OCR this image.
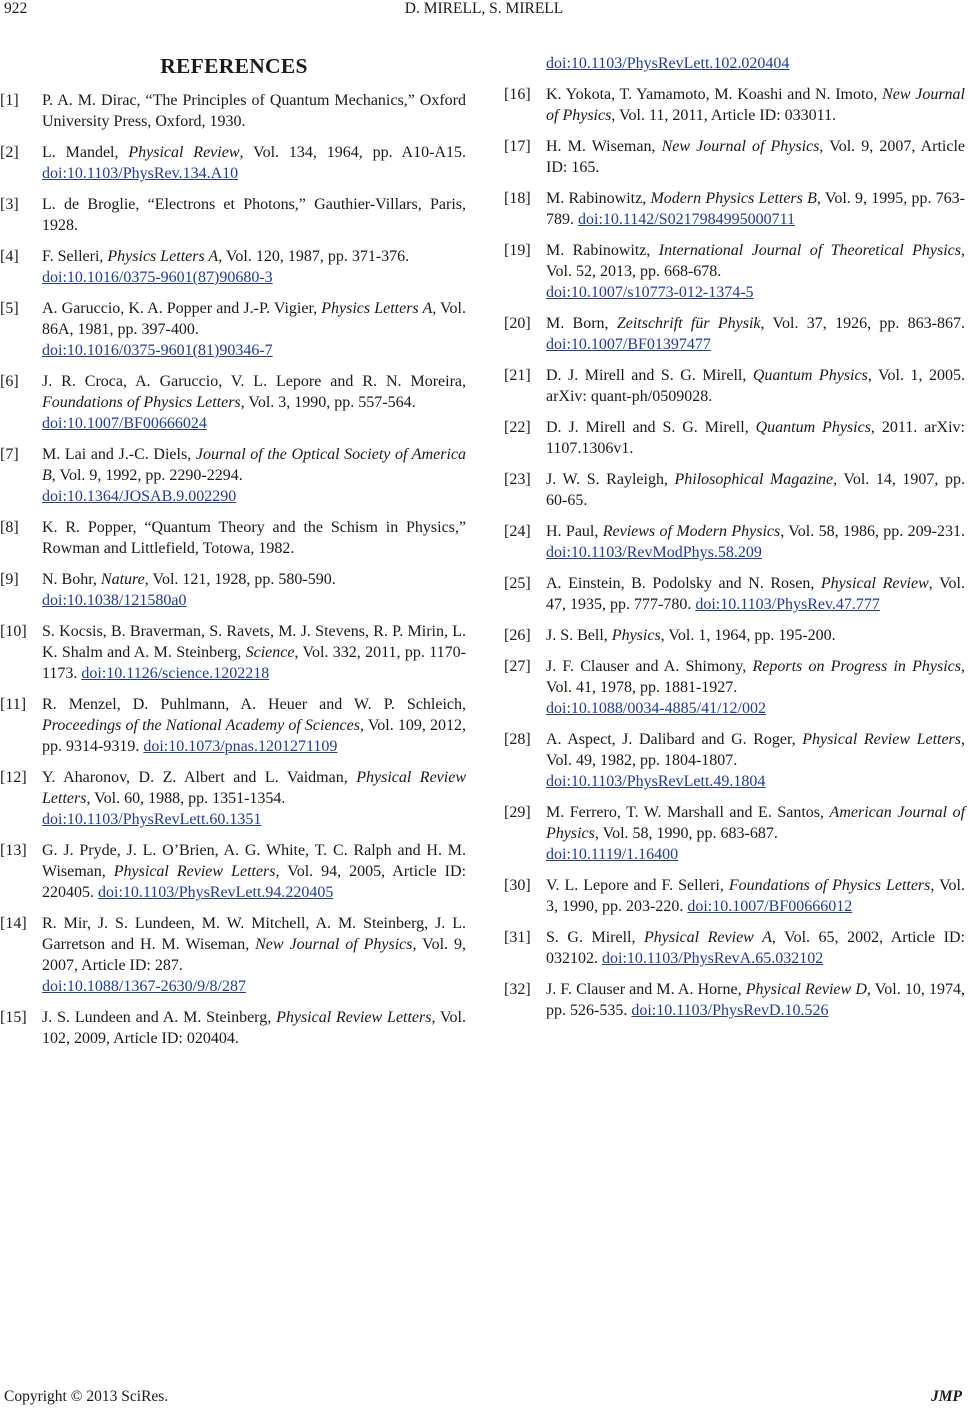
922	D. MIRELL, S. MIRELL
REFERENCES
[1]	P. A. M. Dirac, “The Principles of Quantum Mechanics,” Oxford University Press, Oxford, 1930.
[2]	L. Mandel, Physical Review, Vol. 134, 1964, pp. A10-A15. doi:10.1103/PhysRev.134.A10
[3]	L. de Broglie, “Electrons et Photons,” Gauthier-Villars, Paris, 1928.
[4]	F. Selleri, Physics Letters A, Vol. 120, 1987, pp. 371-376.
doi:10.1016/0375-9601(87)90680-3
[5]	A. Garuccio, K. A. Popper and J.-P. Vigier, Physics Letters A, Vol. 86A, 1981, pp. 397-400.
doi:10.1016/0375-9601(81)90346-7
[6]	J. R. Croca, A. Garuccio, V. L. Lepore and R. N. Moreira, Foundations of Physics Letters, Vol. 3, 1990, pp. 557-564.
doi:10.1007/BF00666024
[7]	M. Lai and J.-C. Diels, Journal of the Optical Society of America B, Vol. 9, 1992, pp. 2290-2294.
doi:10.1364/JOSAB.9.002290
[8]	K. R. Popper, “Quantum Theory and the Schism in Physics,” Rowman and Littlefield, Totowa, 1982.
[9]	N. Bohr, Nature, Vol. 121, 1928, pp. 580-590.
doi:10.1038/121580a0
[10] S. Kocsis, B. Braverman, S. Ravets, M. J. Stevens, R. P. Mirin, L. K. Shalm and A. M. Steinberg, Science, Vol. 332, 2011, pp. 1170-1173. doi:10.1126/science.1202218
[11] R. Menzel, D. Puhlmann, A. Heuer and W. P. Schleich, Proceedings of the National Academy of Sciences, Vol. 109, 2012, pp. 9314-9319. doi:10.1073/pnas.1201271109
[12] Y. Aharonov, D. Z. Albert and L. Vaidman, Physical Review Letters, Vol. 60, 1988, pp. 1351-1354.
doi:10.1103/PhysRevLett.60.1351
[13] G. J. Pryde, J. L. O’Brien, A. G. White, T. C. Ralph and H. M. Wiseman, Physical Review Letters, Vol. 94, 2005, Article ID: 220405. doi:10.1103/PhysRevLett.94.220405
[14] R. Mir, J. S. Lundeen, M. W. Mitchell, A. M. Steinberg, J. L. Garretson and H. M. Wiseman, New Journal of Physics, Vol. 9, 2007, Article ID: 287.
doi:10.1088/1367-2630/9/8/287
[15] J. S. Lundeen and A. M. Steinberg, Physical Review Letters, Vol. 102, 2009, Article ID: 020404.
doi:10.1103/PhysRevLett.102.020404
[16] K. Yokota, T. Yamamoto, M. Koashi and N. Imoto, New Journal of Physics, Vol. 11, 2011, Article ID: 033011.
[17] H. M. Wiseman, New Journal of Physics, Vol. 9, 2007, Article ID: 165.
[18] M. Rabinowitz, Modern Physics Letters B, Vol. 9, 1995, pp. 763-789. doi:10.1142/S0217984995000711
[19] M. Rabinowitz, International Journal of Theoretical Physics, Vol. 52, 2013, pp. 668-678.
doi:10.1007/s10773-012-1374-5
[20] M. Born, Zeitschrift für Physik, Vol. 37, 1926, pp. 863-867. doi:10.1007/BF01397477
[21] D. J. Mirell and S. G. Mirell, Quantum Physics, Vol. 1, 2005. arXiv: quant-ph/0509028.
[22] D. J. Mirell and S. G. Mirell, Quantum Physics, 2011. arXiv: 1107.1306v1.
[23] J. W. S. Rayleigh, Philosophical Magazine, Vol. 14, 1907, pp. 60-65.
[24] H. Paul, Reviews of Modern Physics, Vol. 58, 1986, pp. 209-231. doi:10.1103/RevModPhys.58.209
[25] A. Einstein, B. Podolsky and N. Rosen, Physical Review, Vol. 47, 1935, pp. 777-780. doi:10.1103/PhysRev.47.777
[26] J. S. Bell, Physics, Vol. 1, 1964, pp. 195-200.
[27] J. F. Clauser and A. Shimony, Reports on Progress in Physics, Vol. 41, 1978, pp. 1881-1927.
doi:10.1088/0034-4885/41/12/002
[28] A. Aspect, J. Dalibard and G. Roger, Physical Review Letters, Vol. 49, 1982, pp. 1804-1807.
doi:10.1103/PhysRevLett.49.1804
[29] M. Ferrero, T. W. Marshall and E. Santos, American Journal of Physics, Vol. 58, 1990, pp. 683-687.
doi:10.1119/1.16400
[30] V. L. Lepore and F. Selleri, Foundations of Physics Letters, Vol. 3, 1990, pp. 203-220. doi:10.1007/BF00666012
[31] S. G. Mirell, Physical Review A, Vol. 65, 2002, Article ID: 032102. doi:10.1103/PhysRevA.65.032102
[32] J. F. Clauser and M. A. Horne, Physical Review D, Vol. 10, 1974, pp. 526-535. doi:10.1103/PhysRevD.10.526
Copyright © 2013 SciRes.	JMP
